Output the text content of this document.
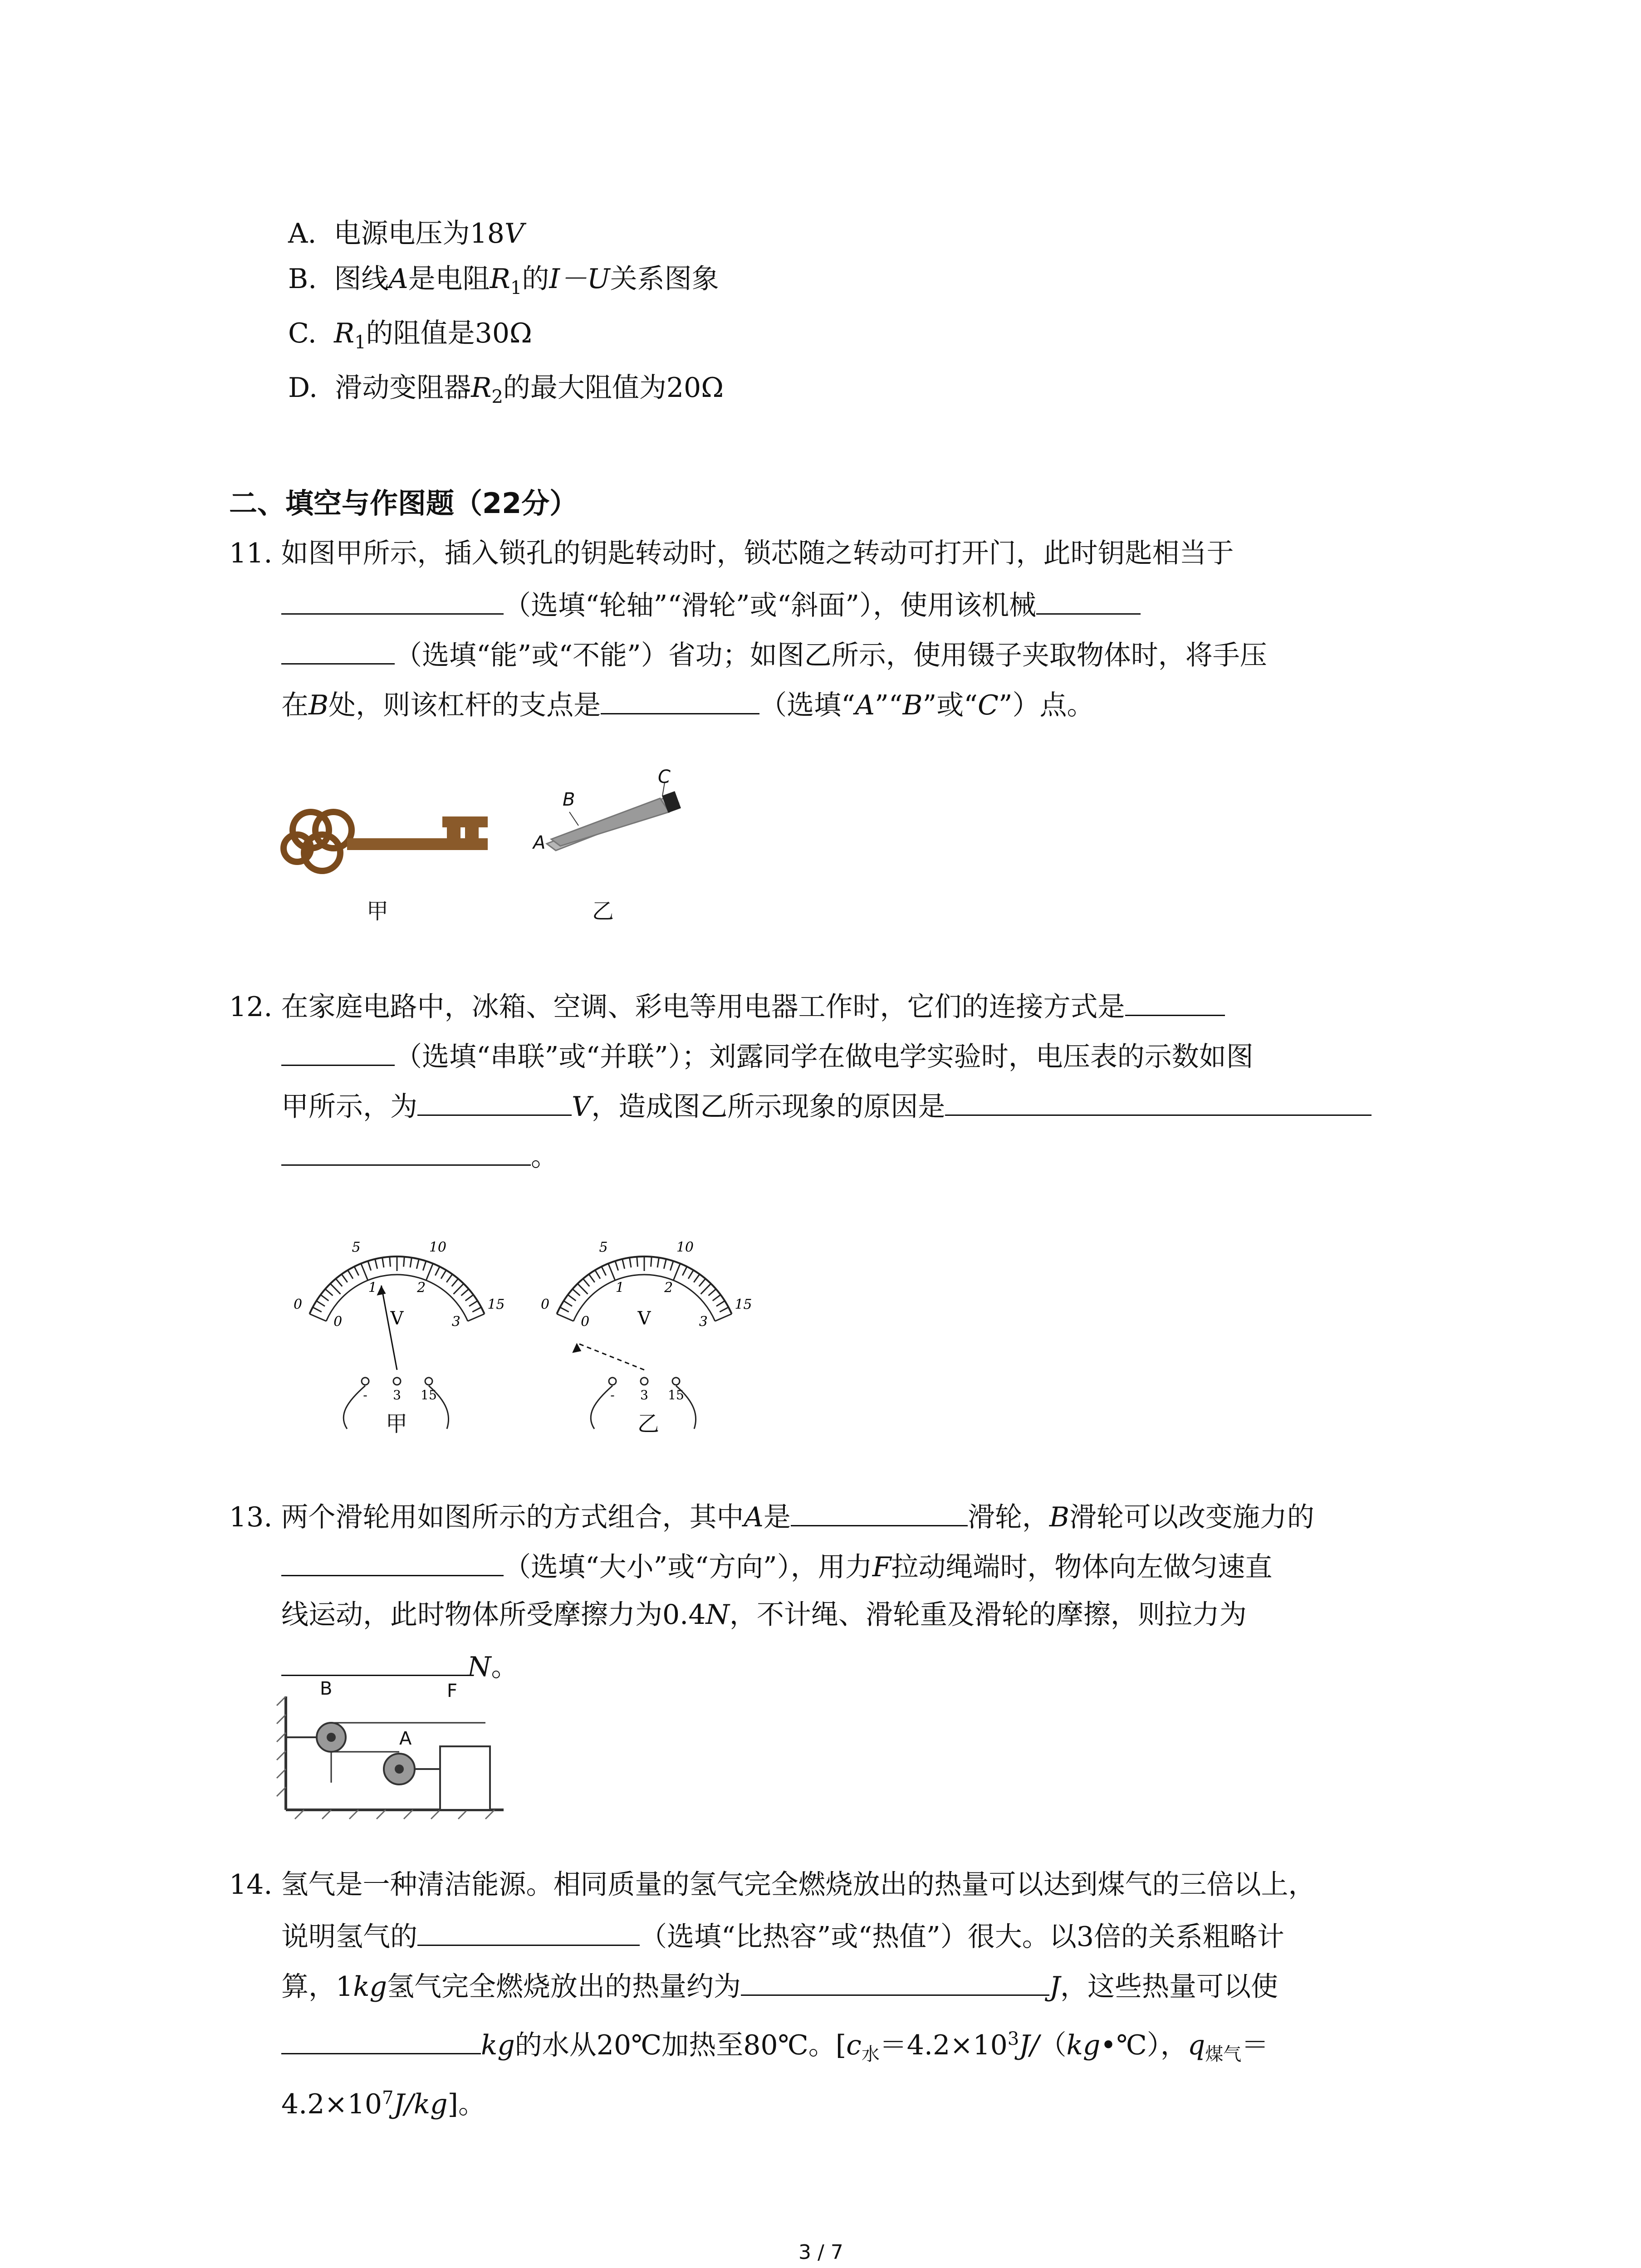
A. 电源电压为18V
B. 图线A是电阻$R_1$的I－U关系图象
C. $R_1$的阻值是30Ω
D. 滑动变阻器$R_2$的最大阻值为20Ω
二、填空与作图题（22分）
11. 如图甲所示，插入锁孔的钥匙转动时，锁芯随之转动可打开门，此时钥匙相当于
（选填“轮轴”“滑轮”或“斜面”），使用该机械
（选填“能”或“不能”）省功；如图乙所示，使用镊子夹取物体时，将手压
在B处，则该杠杆的支点是	（选填“A”“B”或“C”）点。
甲
B
C
A
乙
12. 在家庭电路中，冰箱、空调、彩电等用电器工作时，它们的连接方式是
（选填“串联”或“并联”）；刘露同学在做电学实验时，电压表的示数如图
甲所示，为	V，造成图乙所示现象的原因是
。
0
5	10
15
0
1	2
3
V
- 3 15
甲
0
5	10
15
0
1	2
3
V
- 3 15
乙
13. 两个滑轮用如图所示的方式组合，其中A是	滑轮，B滑轮可以改变施力的
（选填“大小”或“方向”），用力F拉动绳端时，物体向左做匀速直
线运动，此时物体所受摩擦力为0.4N，不计绳、滑轮重及滑轮的摩擦，则拉力为
N。
B	F
A
14. 氢气是一种清洁能源。相同质量的氢气完全燃烧放出的热量可以达到煤气的三倍以上，
说明氢气的	（选填“比热容”或“热值”）很大。以3倍的关系粗略计
算，1kg氢气完全燃烧放出的热量约为	J，这些热量可以使
kg的水从20℃加热至80℃。[$c_水=4.2\times 10^3J/(kg•℃)$，$q_{煤气}=$
$4.2\times 10^7J/kg$]。
3 / 7
